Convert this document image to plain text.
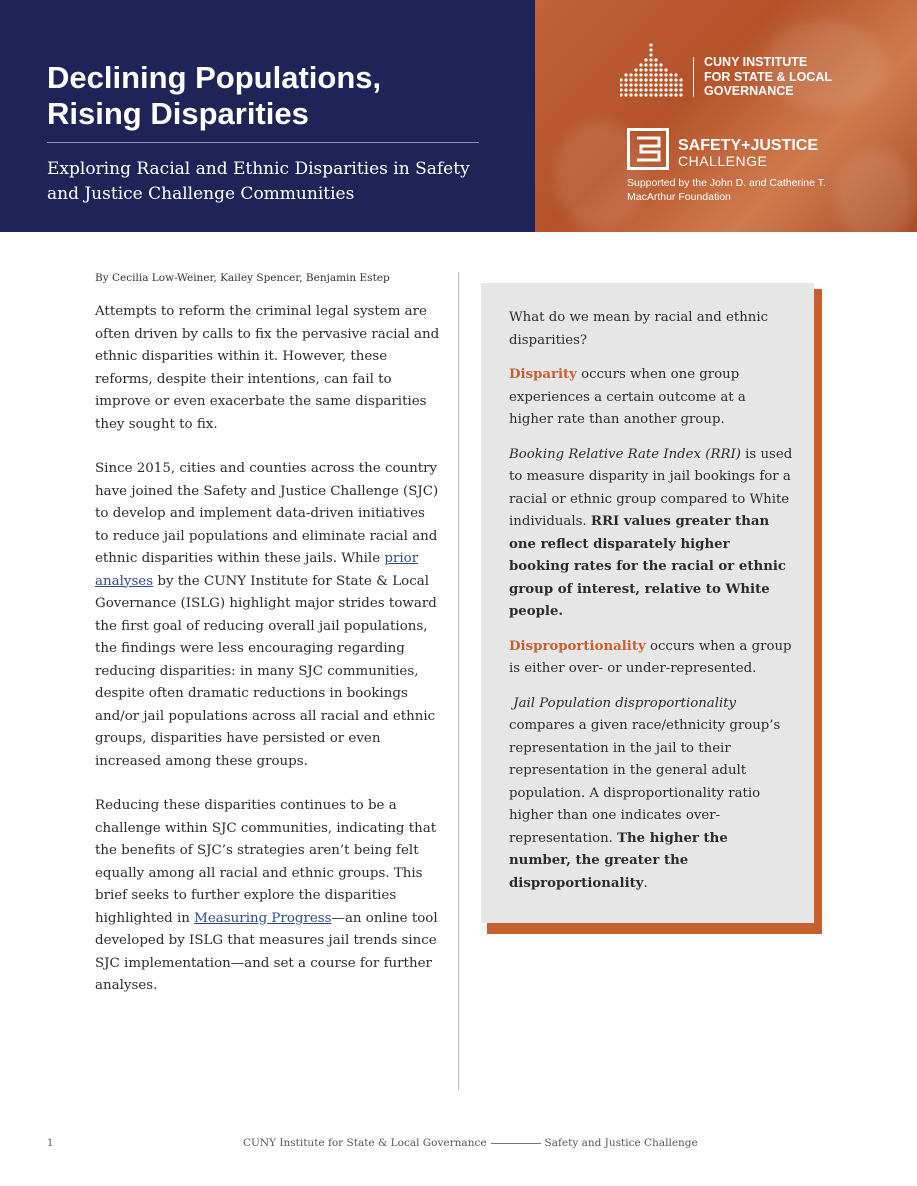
Declining Populations,
Rising Disparities

Exploring Racial and Ethnic Disparities in Safety and Justice Challenge Communities

CUNY INSTITUTE
FOR STATE & LOCAL
GOVERNANCE
SAFETY+JUSTICE
CHALLENGE
Supported by the John D. and Catherine T. MacArthur Foundation

By Cecilia Low-Weiner, Kailey Spencer, Benjamin Estep

Attempts to reform the criminal legal system are often driven by calls to fix the pervasive racial and ethnic disparities within it. However, these reforms, despite their intentions, can fail to improve or even exacerbate the same disparities they sought to fix.

Since 2015, cities and counties across the country have joined the Safety and Justice Challenge (SJC) to develop and implement data-driven initiatives to reduce jail populations and eliminate racial and ethnic disparities within these jails. While prior analyses by the CUNY Institute for State & Local Governance (ISLG) highlight major strides toward the first goal of reducing overall jail populations, the findings were less encouraging regarding reducing disparities: in many SJC communities, despite often dramatic reductions in bookings and/or jail populations across all racial and ethnic groups, disparities have persisted or even increased among these groups.

Reducing these disparities continues to be a challenge within SJC communities, indicating that the benefits of SJC’s strategies aren’t being felt equally among all racial and ethnic groups. This brief seeks to further explore the disparities highlighted in Measuring Progress—an online tool developed by ISLG that measures jail trends since SJC implementation—and set a course for further analyses.

What do we mean by racial and ethnic disparities?

Disparity occurs when one group experiences a certain outcome at a higher rate than another group.

Booking Relative Rate Index (RRI) is used to measure disparity in jail bookings for a racial or ethnic group compared to White individuals. RRI values greater than one reflect disparately higher booking rates for the racial or ethnic group of interest, relative to White people.

Disproportionality occurs when a group is either over- or under-represented.

Jail Population disproportionality compares a given race/ethnicity group’s representation in the jail to their representation in the general adult population. A disproportionality ratio higher than one indicates over-representation. The higher the number, the greater the disproportionality.

1	CUNY Institute for State & Local Governance	Safety and Justice Challenge
